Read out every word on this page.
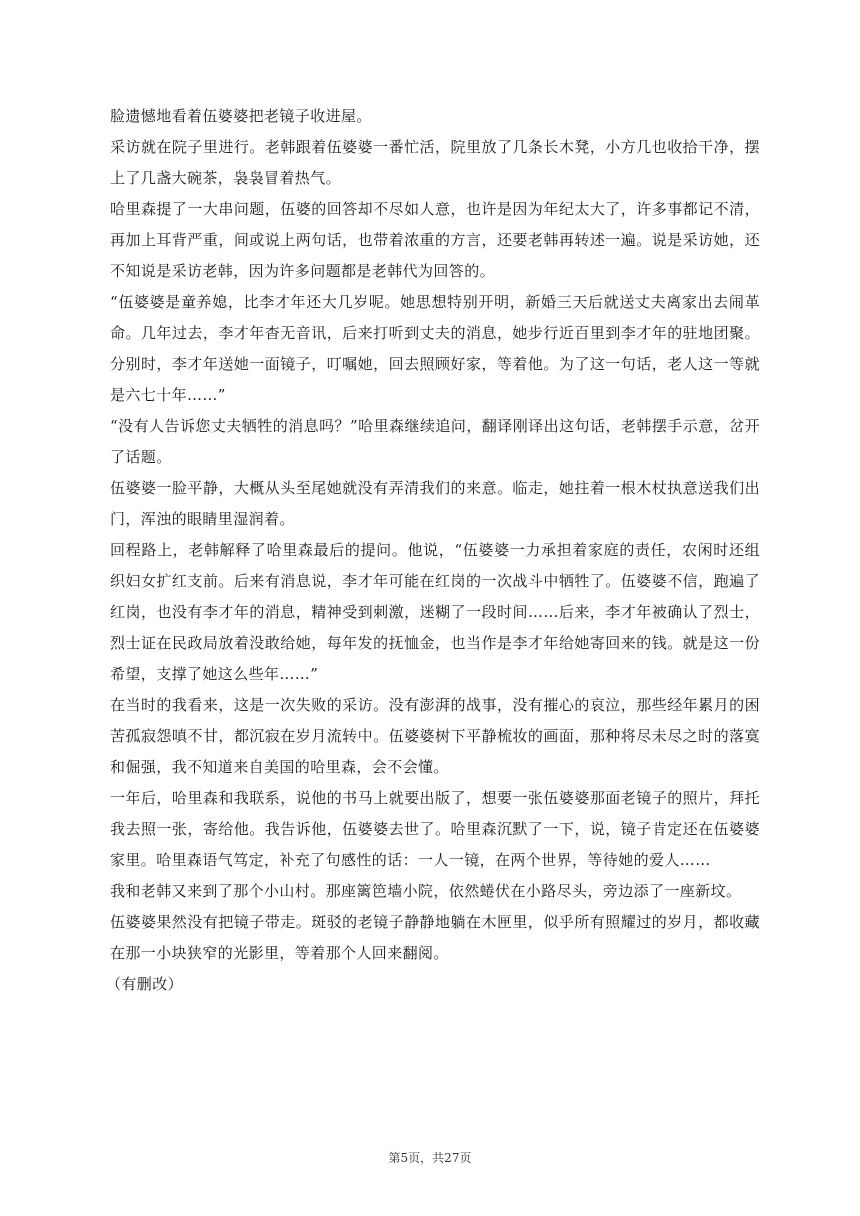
脸遗憾地看着伍婆婆把老镜子收进屋。

采访就在院子里进行。老韩跟着伍婆婆一番忙活，院里放了几条长木凳，小方几也收拾干净，摆上了几盏大碗茶，袅袅冒着热气。

哈里森提了一大串问题，伍婆的回答却不尽如人意，也许是因为年纪太大了，许多事都记不清，再加上耳背严重，间或说上两句话，也带着浓重的方言，还要老韩再转述一遍。说是采访她，还不知说是采访老韩，因为许多问题都是老韩代为回答的。

“伍婆婆是童养媳，比李才年还大几岁呢。她思想特别开明，新婚三天后就送丈夫离家出去闹革命。几年过去，李才年杳无音讯，后来打听到丈夫的消息，她步行近百里到李才年的驻地团聚。分别时，李才年送她一面镜子，叮嘱她，回去照顾好家，等着他。为了这一句话，老人这一等就是六七十年……”

“没有人告诉您丈夫牺牲的消息吗？”哈里森继续追问，翻译刚译出这句话，老韩摆手示意，岔开了话题。

伍婆婆一脸平静，大概从头至尾她就没有弄清我们的来意。临走，她拄着一根木杖执意送我们出门，浑浊的眼睛里湿润着。

回程路上，老韩解释了哈里森最后的提问。他说，“伍婆婆一力承担着家庭的责任，农闲时还组织妇女扩红支前。后来有消息说，李才年可能在红岗的一次战斗中牺牲了。伍婆婆不信，跑遍了红岗，也没有李才年的消息，精神受到刺激，迷糊了一段时间……后来，李才年被确认了烈士，烈士证在民政局放着没敢给她，每年发的抚恤金，也当作是李才年给她寄回来的钱。就是这一份希望，支撑了她这么些年……”

在当时的我看来，这是一次失败的采访。没有澎湃的战事，没有摧心的哀泣，那些经年累月的困苦孤寂怨嗔不甘，都沉寂在岁月流转中。伍婆婆树下平静梳妆的画面，那种将尽未尽之时的落寞和倔强，我不知道来自美国的哈里森，会不会懂。

一年后，哈里森和我联系，说他的书马上就要出版了，想要一张伍婆婆那面老镜子的照片，拜托我去照一张，寄给他。我告诉他，伍婆婆去世了。哈里森沉默了一下，说，镜子肯定还在伍婆婆家里。哈里森语气笃定，补充了句感性的话：一人一镜，在两个世界，等待她的爱人……

我和老韩又来到了那个小山村。那座篱笆墙小院，依然蜷伏在小路尽头，旁边添了一座新坟。

伍婆婆果然没有把镜子带走。斑驳的老镜子静静地躺在木匣里，似乎所有照耀过的岁月，都收藏在那一小块狭窄的光影里，等着那个人回来翻阅。

（有删改）

第5页，共27页
